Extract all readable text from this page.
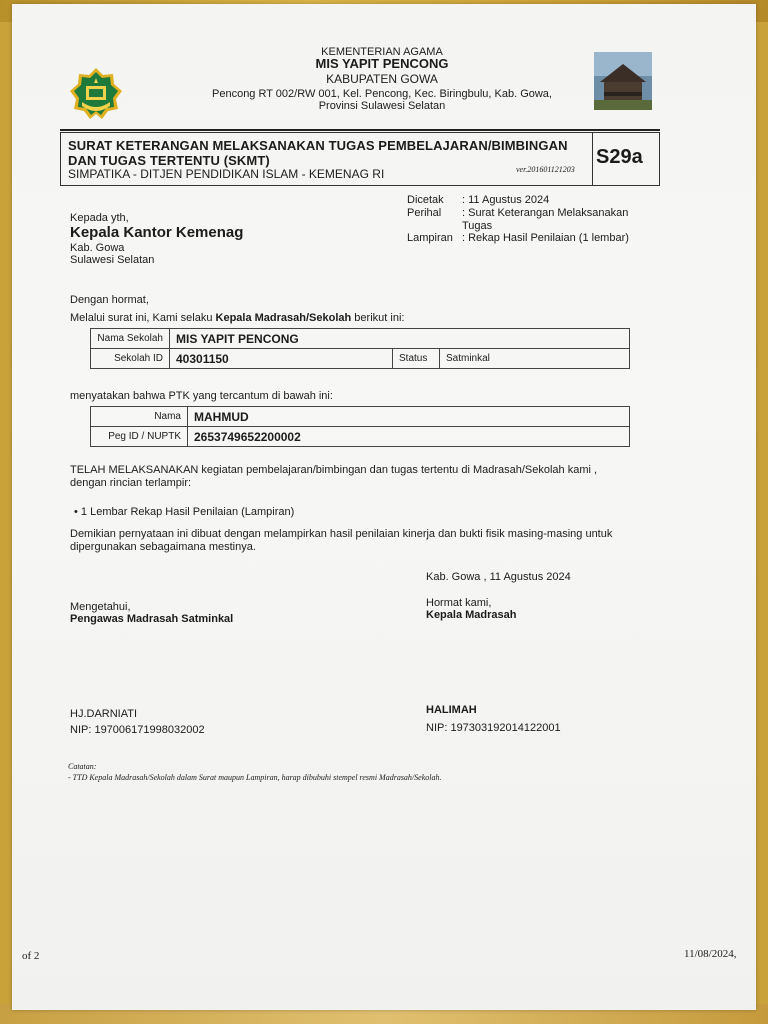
KEMENTERIAN AGAMA
MIS YAPIT PENCONG
KABUPATEN GOWA
Pencong RT 002/RW 001, Kel. Pencong, Kec. Biringbulu, Kab. Gowa,
Provinsi Sulawesi Selatan
SURAT KETERANGAN MELAKSANAKAN TUGAS PEMBELAJARAN/BIMBINGAN
DAN TUGAS TERTENTU (SKMT)
SIMPATIKA - DITJEN PENDIDIKAN ISLAM - KEMENAG RI	ver.201601121203
S29a
Dicetak : 11 Agustus 2024
Perihal : Surat Keterangan Melaksanakan Tugas
Lampiran : Rekap Hasil Penilaian (1 lembar)
Kepada yth,
Kepala Kantor Kemenag
Kab. Gowa
Sulawesi Selatan
Dengan hormat,
Melalui surat ini, Kami selaku Kepala Madrasah/Sekolah berikut ini:
Nama Sekolah	MIS YAPIT PENCONG		
Sekolah ID	40301150	Status	Satminkal
menyatakan bahwa PTK yang tercantum di bawah ini:
Nama	MAHMUD
Peg ID / NUPTK	2653749652200002
TELAH MELAKSANAKAN kegiatan pembelajaran/bimbingan dan tugas tertentu di Madrasah/Sekolah kami ,
dengan rincian terlampir:
• 1 Lembar Rekap Hasil Penilaian (Lampiran)
Demikian pernyataan ini dibuat dengan melampirkan hasil penilaian kinerja dan bukti fisik masing-masing untuk
dipergunakan sebagaimana mestinya.
Kab. Gowa , 11 Agustus 2024
Mengetahui,
Pengawas Madrasah Satminkal
Hormat kami,
Kepala Madrasah
HJ.DARNIATI
NIP: 197006171998032002
HALIMAH
NIP: 197303192014122001
Catatan:
- TTD Kepala Madrasah/Sekolah dalam Surat maupun Lampiran, harap dibubuhi stempel resmi Madrasah/Sekolah.
of 2	11/08/2024,
